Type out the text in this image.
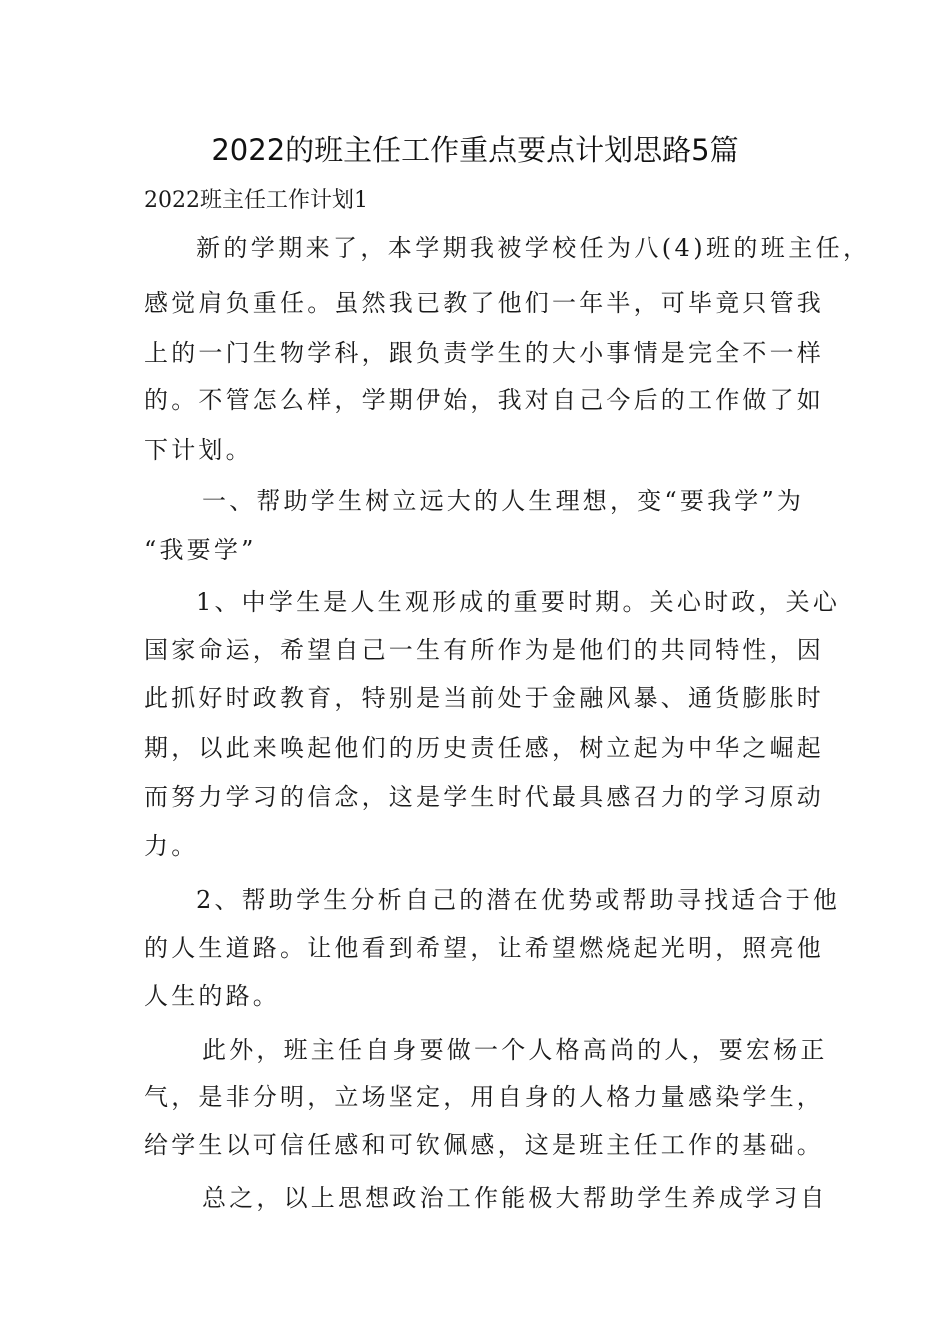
2022的班主任工作重点要点计划思路5篇
2022班主任工作计划1
新的学期来了，本学期我被学校任为八(4)班的班主任，
感觉肩负重任。虽然我已教了他们一年半，可毕竟只管我
上的一门生物学科，跟负责学生的大小事情是完全不一样
的。不管怎么样，学期伊始，我对自己今后的工作做了如
下计划。
一、帮助学生树立远大的人生理想，变“要我学”为
“我要学”
1、中学生是人生观形成的重要时期。关心时政，关心
国家命运，希望自己一生有所作为是他们的共同特性，因
此抓好时政教育，特别是当前处于金融风暴、通货膨胀时
期，以此来唤起他们的历史责任感，树立起为中华之崛起
而努力学习的信念，这是学生时代最具感召力的学习原动
力。
2、帮助学生分析自己的潜在优势或帮助寻找适合于他
的人生道路。让他看到希望，让希望燃烧起光明，照亮他
人生的路。
此外，班主任自身要做一个人格高尚的人，要宏杨正
气，是非分明，立场坚定，用自身的人格力量感染学生，
给学生以可信任感和可钦佩感，这是班主任工作的基础。
总之，以上思想政治工作能极大帮助学生养成学习自
